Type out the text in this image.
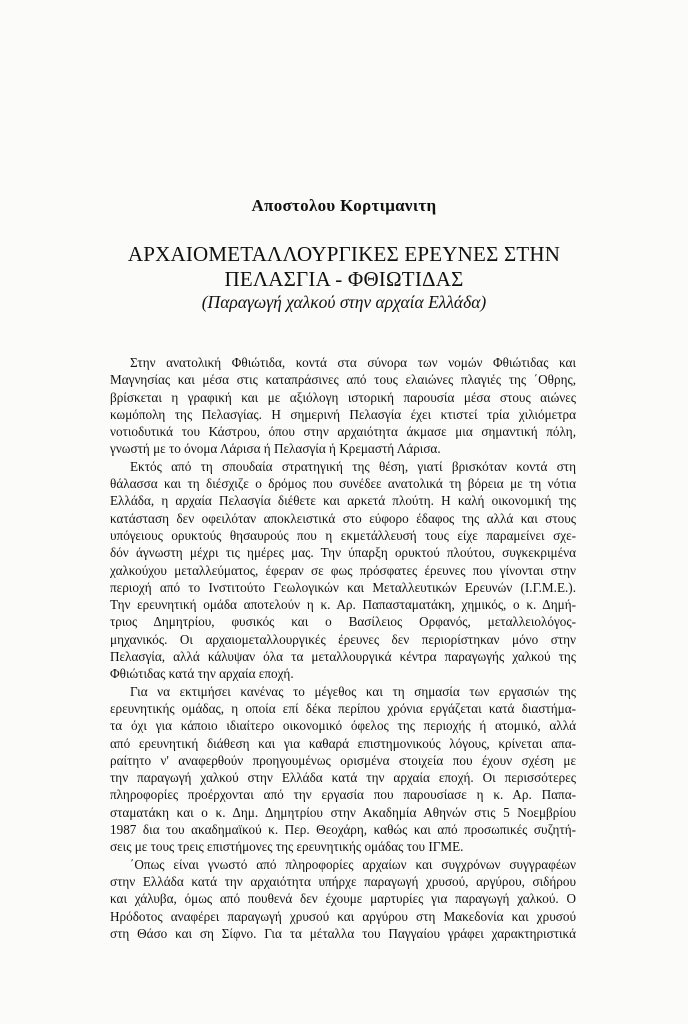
Αποστολου Κορτιμανιτη
ΑΡΧΑΙΟΜΕΤΑΛΛΟΥΡΓΙΚΕΣ ΕΡΕΥΝΕΣ ΣΤΗΝ
ΠΕΛΑΣΓΙΑ - ΦΘΙΩΤΙΔΑΣ
(Παραγωγή χαλκού στην αρχαία Ελλάδα)
Στην ανατολική Φθιώτιδα, κοντά στα σύνορα των νομών Φθιώτιδας και
Μαγνησίας και μέσα στις καταπράσινες από τους ελαιώνες πλαγιές της ΄Οθρης,
βρίσκεται η γραφική και με αξιόλογη ιστορική παρουσία μέσα στους αιώνες
κωμόπολη της Πελασγίας. Η σημερινή Πελασγία έχει κτιστεί τρία χιλιόμετρα
νοτιοδυτικά του Κάστρου, όπου στην αρχαιότητα άκμασε μια σημαντική πόλη,
γνωστή με το όνομα Λάρισα ή Πελασγία ή Κρεμαστή Λάρισα.
Εκτός από τη σπουδαία στρατηγική της θέση, γιατί βρισκόταν κοντά στη
θάλασσα και τη διέσχιζε ο δρόμος που συνέδεε ανατολικά τη βόρεια με τη νότια
Ελλάδα, η αρχαία Πελασγία διέθετε και αρκετά πλούτη. Η καλή οικονομική της
κατάσταση δεν οφειλόταν αποκλειστικά στο εύφορο έδαφος της αλλά και στους
υπόγειους ορυκτούς θησαυρούς που η εκμετάλλευσή τους είχε παραμείνει σχε-
δόν άγνωστη μέχρι τις ημέρες μας. Την ύπαρξη ορυκτού πλούτου, συγκεκριμένα
χαλκούχου μεταλλεύματος, έφεραν σε φως πρόσφατες έρευνες που γίνονται στην
περιοχή από το Ινστιτούτο Γεωλογικών και Μεταλλευτικών Ερευνών (Ι.Γ.Μ.Ε.).
Την ερευνητική ομάδα αποτελούν η κ. Αρ. Παπασταματάκη, χημικός, ο κ. Δημή-
τριος Δημητρίου, φυσικός και ο Βασίλειος Ορφανός, μεταλλειολόγος-
μηχανικός. Οι αρχαιομεταλλουργικές έρευνες δεν περιορίστηκαν μόνο στην
Πελασγία, αλλά κάλυψαν όλα τα μεταλλουργικά κέντρα παραγωγής χαλκού της
Φθιώτιδας κατά την αρχαία εποχή.
Για να εκτιμήσει κανένας το μέγεθος και τη σημασία των εργασιών της
ερευνητικής ομάδας, η οποία επί δέκα περίπου χρόνια εργάζεται κατά διαστήμα-
τα όχι για κάποιο ιδιαίτερο οικονομικό όφελος της περιοχής ή ατομικό, αλλά
από ερευνητική διάθεση και για καθαρά επιστημονικούς λόγους, κρίνεται απα-
ραίτητο ν' αναφερθούν προηγουμένως ορισμένα στοιχεία που έχουν σχέση με
την παραγωγή χαλκού στην Ελλάδα κατά την αρχαία εποχή. Οι περισσότερες
πληροφορίες προέρχονται από την εργασία που παρουσίασε η κ. Αρ. Παπα-
σταματάκη και ο κ. Δημ. Δημητρίου στην Ακαδημία Αθηνών στις 5 Νοεμβρίου
1987 δια του ακαδημαϊκού κ. Περ. Θεοχάρη, καθώς και από προσωπικές συζητή-
σεις με τους τρεις επιστήμονες της ερευνητικής ομάδας του ΙΓΜΕ.
΄Οπως είναι γνωστό από πληροφορίες αρχαίων και συγχρόνων συγγραφέων
στην Ελλάδα κατά την αρχαιότητα υπήρχε παραγωγή χρυσού, αργύρου, σιδήρου
και χάλυβα, όμως από πουθενά δεν έχουμε μαρτυρίες για παραγωγή χαλκού. Ο
Ηρόδοτος αναφέρει παραγωγή χρυσού και αργύρου στη Μακεδονία και χρυσού
στη Θάσο και ση Σίφνο. Για τα μέταλλα του Παγγαίου γράφει χαρακτηριστικά
